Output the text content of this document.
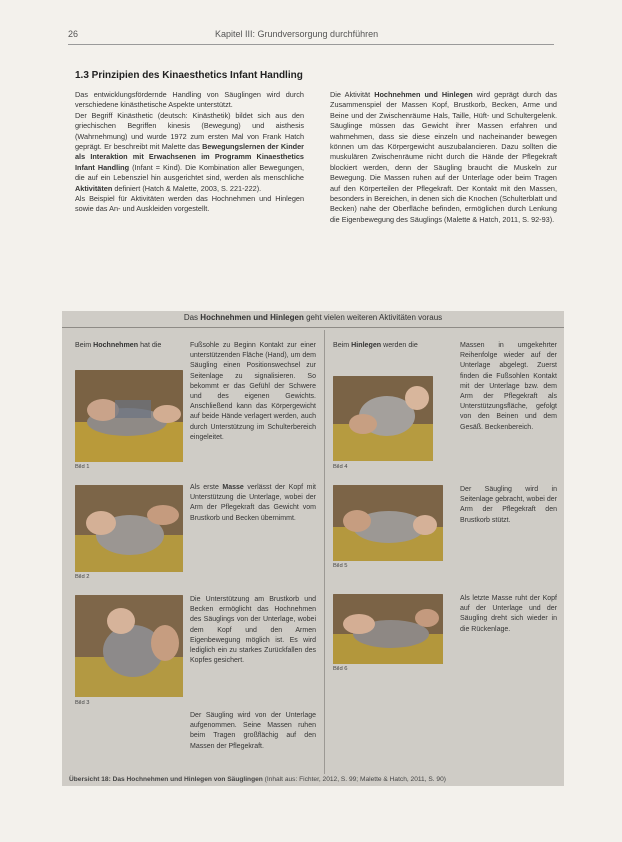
26	Kapitel III: Grundversorgung durchführen
1.3 Prinzipien des Kinaesthetics Infant Handling

Das entwicklungsfördernde Handling von Säuglingen wird durch verschiedene kinästhetische Aspekte unterstützt.

Der Begriff Kinästhetic (deutsch: Kinästhetik) bildet sich aus den griechischen Begriffen kinesis (Bewegung) und aisthesis (Wahrnehmung) und wurde 1972 zum ersten Mal von Frank Hatch geprägt. Er beschreibt mit Malette das Bewegungslernen der Kinder als Interaktion mit Erwachsenen im Programm Kinaesthetics Infant Handling (Infant = Kind). Die Kombination aller Bewegungen, die auf ein Lebensziel hin ausgerichtet sind, werden als menschliche Aktivitäten definiert (Hatch & Malette, 2003, S. 221-222).

Als Beispiel für Aktivitäten werden das Hochnehmen und Hinlegen sowie das An- und Auskleiden vorgestellt.

Die Aktivität Hochnehmen und Hinlegen wird geprägt durch das Zusammenspiel der Massen Kopf, Brustkorb, Becken, Arme und Beine und der Zwischenräume Hals, Taille, Hüft- und Schultergelenk. Säuglinge müssen das Gewicht ihrer Massen erfahren und wahrnehmen, dass sie diese einzeln und nacheinander bewegen können um das Körpergewicht auszubalancieren. Dazu sollten die muskulären Zwischenräume nicht durch die Hände der Pflegekraft blockiert werden, denn der Säugling braucht die Muskeln zur Bewegung. Die Massen ruhen auf der Unterlage oder beim Tragen auf den Körperteilen der Pflegekraft. Der Kontakt mit den Massen, besonders in Bereichen, in denen sich die Knochen (Schulterblatt und Becken) nahe der Oberfläche befinden, ermöglichen durch Lenkung die Eigenbewegung des Säuglings (Malette & Hatch, 2011, S. 92-93).

Das Hochnehmen und Hinlegen geht vielen weiteren Aktivitäten voraus
Beim Hochnehmen hat die	Beim Hinlegen werden die
Bild 1
Bild 2
Bild 3
Bild 4
Bild 5
Bild 6

Fußsohle zu Beginn Kontakt zur einer unterstützenden Fläche (Hand), um dem Säugling einen Positionswechsel zur Seitenlage zu signalisieren. So bekommt er das Gefühl der Schwere und des eigenen Gewichts. Anschließend kann das Körpergewicht auf beide Hände verlagert werden, auch durch Unterstützung im Schulterbereich eingeleitet.

Als erste Masse verlässt der Kopf mit Unterstützung die Unterlage, wobei der Arm der Pflegekraft das Gewicht vom Brustkorb und Becken übernimmt.

Die Unterstützung am Brustkorb und Becken ermöglicht das Hochnehmen des Säuglings von der Unterlage, wobei dem Kopf und den Armen Eigenbewegung möglich ist. Es wird lediglich ein zu starkes Zurückfallen des Kopfes gesichert.

Der Säugling wird von der Unterlage aufgenommen. Seine Massen ruhen beim Tragen großflächig auf den Massen der Pflegekraft.

Massen in umgekehrter Reihenfolge wieder auf der Unterlage abgelegt. Zuerst finden die Fußsohlen Kontakt mit der Unterlage bzw. dem Arm der Pflegekraft als Unterstützungsfläche, gefolgt von den Beinen und dem Gesäß. Beckenbereich.

Der Säugling wird in Seitenlage gebracht, wobei der Arm der Pflegekraft den Brustkorb stützt.

Als letzte Masse ruht der Kopf auf der Unterlage und der Säugling dreht sich wieder in die Rückenlage.

Übersicht 18: Das Hochnehmen und Hinlegen von Säuglingen (Inhalt aus: Fichter, 2012, S. 99; Malette & Hatch, 2011, S. 90)
